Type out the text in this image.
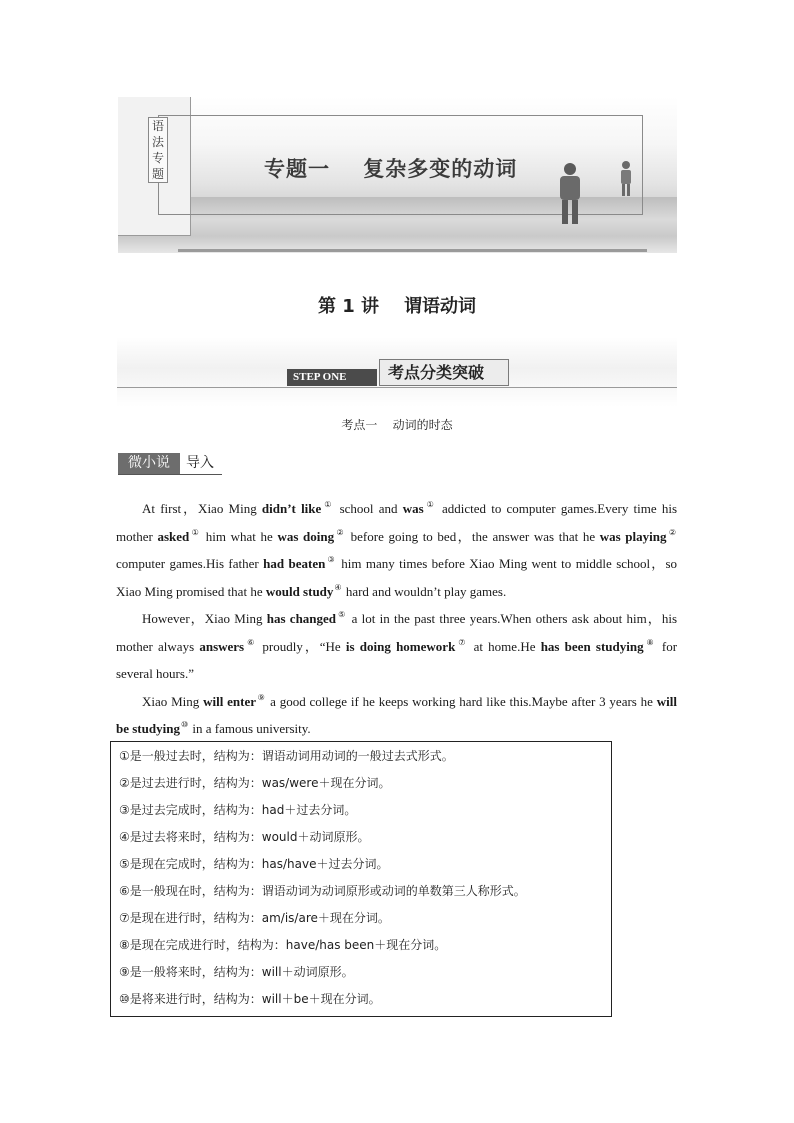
语
法
专
题	专题一    复杂多变的动词
第 1 讲    谓语动词
STEP ONE	考点分类突破
考点一    动词的时态
微小说	导入

At first，Xiao Ming didn’t like① school and was① addicted to computer games.Every time his mother asked① him what he was doing② before going to bed，the answer was that he was playing② computer games.His father had beaten③ him many times before Xiao Ming went to middle school，so Xiao Ming promised that he would study④ hard and wouldn’t play games.

However，Xiao Ming has changed⑤ a lot in the past three years.When others ask about him，his mother always answers⑥ proudly，“He is doing homework⑦ at home.He has been studying⑧ for several hours.”

Xiao Ming will enter⑨ a good college if he keeps working hard like this.Maybe after 3 years he will be studying⑩ in a famous university.

①是一般过去时，结构为：谓语动词用动词的一般过去式形式。
②是过去进行时，结构为：was/were＋现在分词。
③是过去完成时，结构为：had＋过去分词。
④是过去将来时，结构为：would＋动词原形。
⑤是现在完成时，结构为：has/have＋过去分词。
⑥是一般现在时，结构为：谓语动词为动词原形或动词的单数第三人称形式。
⑦是现在进行时，结构为：am/is/are＋现在分词。
⑧是现在完成进行时，结构为：have/has been＋现在分词。
⑨是一般将来时，结构为：will＋动词原形。
⑩是将来进行时，结构为：will＋be＋现在分词。
